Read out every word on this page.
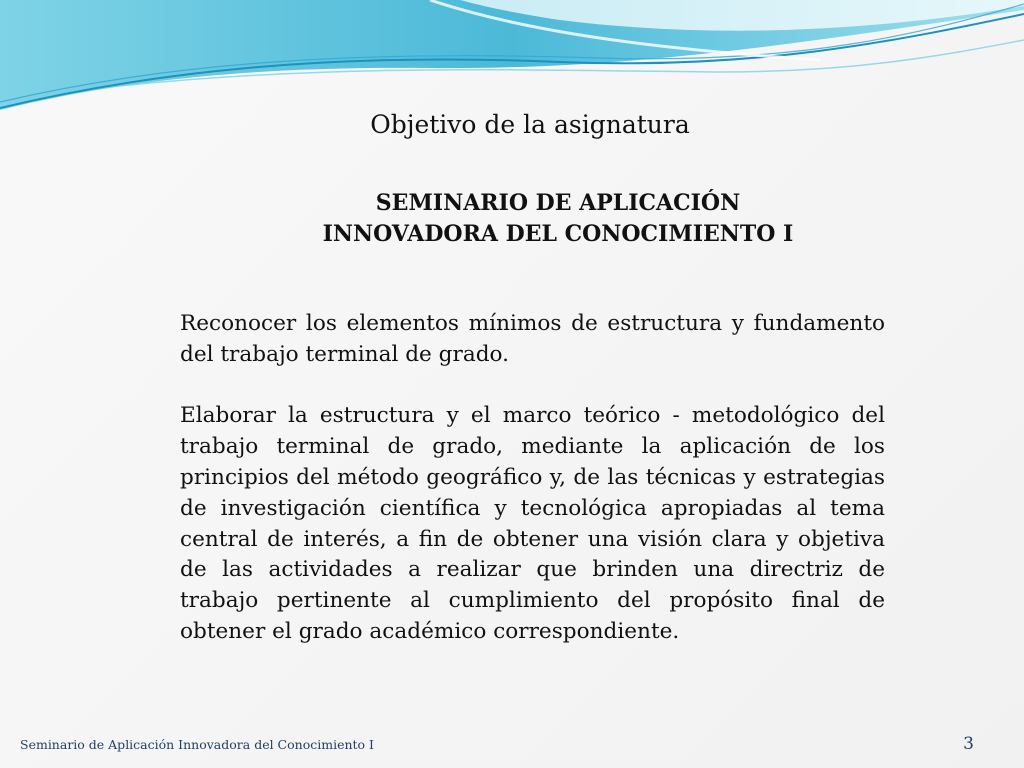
Objetivo de la asignatura
SEMINARIO DE APLICACIÓN
INNOVADORA DEL CONOCIMIENTO I

Reconocer los elementos mínimos de estructura y fundamento del trabajo terminal de grado.

Elaborar la estructura y el marco teórico - metodológico del trabajo terminal de grado, mediante la aplicación de los principios del método geográfico y, de las técnicas y estrategias de investigación científica y tecnológica apropiadas al tema central de interés, a fin de obtener una visión clara y objetiva de las actividades a realizar que brinden una directriz de trabajo pertinente al cumplimiento del propósito final de obtener el grado académico correspondiente.

Seminario de Aplicación Innovadora del Conocimiento I	3
